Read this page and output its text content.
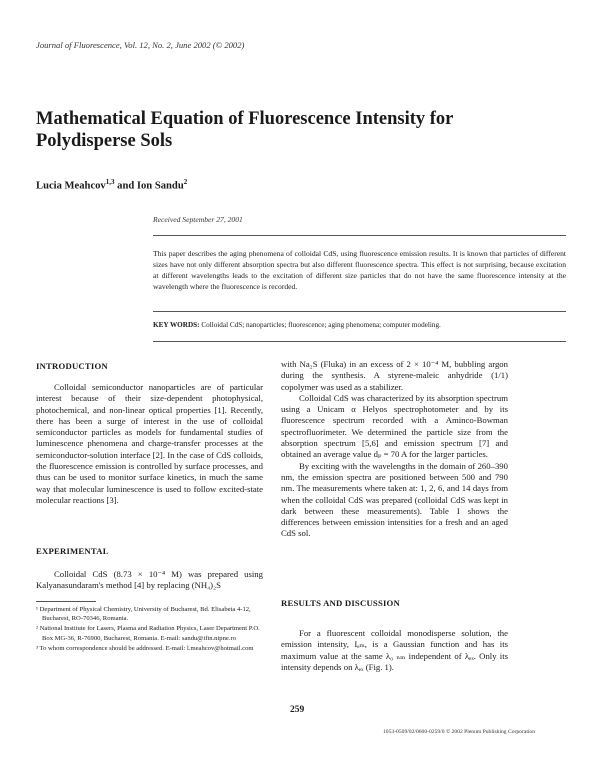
Journal of Fluorescence, Vol. 12, No. 2, June 2002 (© 2002)
Mathematical Equation of Fluorescence Intensity for Polydisperse Sols
Lucia Meahcov$^{1,3}$ and Ion Sandu$^2$
Received September 27, 2001
This paper describes the aging phenomena of colloidal CdS, using fluorescence emission results. It is known that particles of different sizes have not only different absorption spectra but also different fluorescence spectra. This effect is not surprising, because excitation at different wavelengths leads to the excitation of different size particles that do not have the same fluorescence intensity at the wavelength where the fluorescence is recorded.
KEY WORDS: Colloidal CdS; nanoparticles; fluorescence; aging phenomena; computer modeling.
INTRODUCTION

Colloidal semiconductor nanoparticles are of particular interest because of their size-dependent photophysical, photochemical, and non-linear optical properties [1]. Recently, there has been a surge of interest in the use of colloidal semiconductor particles as models for fundamental studies of luminescence phenomena and charge-transfer processes at the semiconductor-solution interface [2]. In the case of CdS colloids, the fluorescence emission is controlled by surface processes, and thus can be used to monitor surface kinetics, in much the same way that molecular luminescence is used to follow excited-state molecular reactions [3].

EXPERIMENTAL

Colloidal CdS (8.73 × 10⁻⁴ M) was prepared using Kalyanasundaram's method [4] by replacing (NH₄)₂S

¹ Department of Physical Chemistry, University of Bucharest, Bd. Elisabeta 4-12, Bucharest, RO-70346, Romania.

² National Institute for Lasers, Plasma and Radiation Physics, Laser Department P.O. Box MG-36, R-76900, Bucharest, Romania. E-mail: sandu@ifin.nipne.ro

³ To whom correspondence should be addressed. E-mail: l.meahcov@hotmail.com

with Na₂S (Fluka) in an excess of 2 × 10⁻⁴ M, bubbling argon during the synthesis. A styrene-maleic anhydride (1/1) copolymer was used as a stabilizer.

Colloidal CdS was characterized by its absorption spectrum using a Unicam α Helyos spectrophotometer and by its fluorescence spectrum recorded with a Aminco-Bowman spectrofluorimeter. We determined the particle size from the absorption spectrum [5,6] and emission spectrum [7] and obtained an average value dₚ = 70 A for the larger particles.

By exciting with the wavelengths in the domain of 260–390 nm, the emission spectra are positioned between 500 and 790 nm. The measurements where taken at: 1, 2, 6, and 14 days from when the colloidal CdS was prepared (colloidal CdS was kept in dark between these measurements). Table I shows the differences between emission intensities for a fresh and an aged CdS sol.

RESULTS AND DISCUSSION

For a fluorescent colloidal monodisperse solution, the emission intensity, Iₑₘ, is a Gaussian function and has its maximum value at the same λ₀ ₙₘ independent of λₑₓ. Only its intensity depends on λₑₓ (Fig. 1).

259
1053-0509/02/0600-0259/0 © 2002 Plenum Publishing Corporation
